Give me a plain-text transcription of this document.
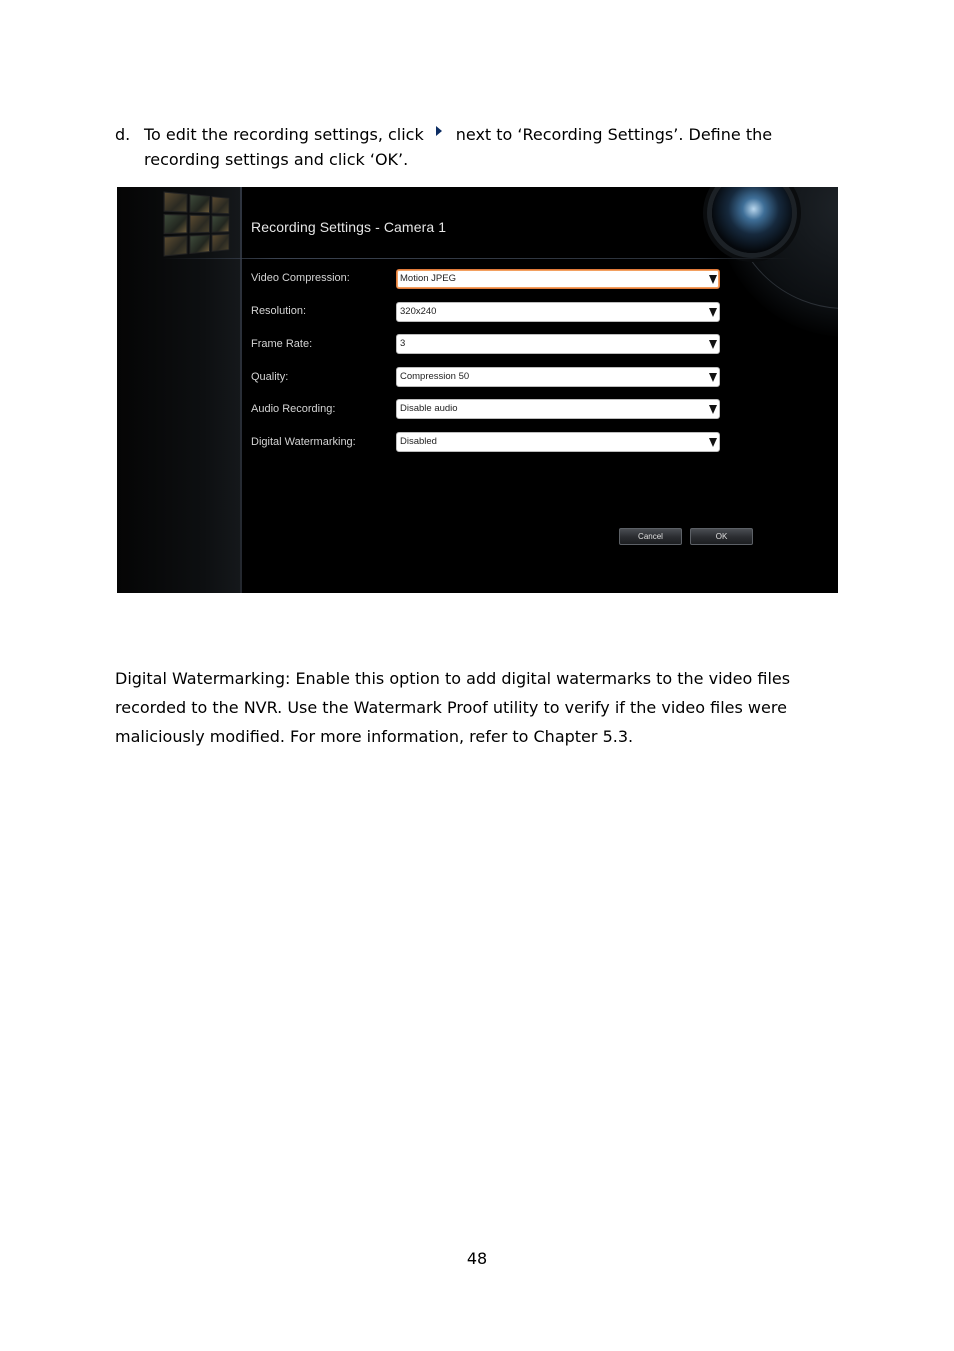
d. To edit the recording settings, click next to ‘Recording Settings’. Define the
recording settings and click ‘OK’.
Recording Settings - Camera 1
Video Compression:	Motion JPEG
Resolution:	320x240
Frame Rate:	3
Quality:	Compression 50
Audio Recording:	Disable audio
Digital Watermarking:	Disabled
Cancel	OK

Digital Watermarking: Enable this option to add digital watermarks to the video files

recorded to the NVR. Use the Watermark Proof utility to verify if the video files were

maliciously modified. For more information, refer to Chapter 5.3.

48
